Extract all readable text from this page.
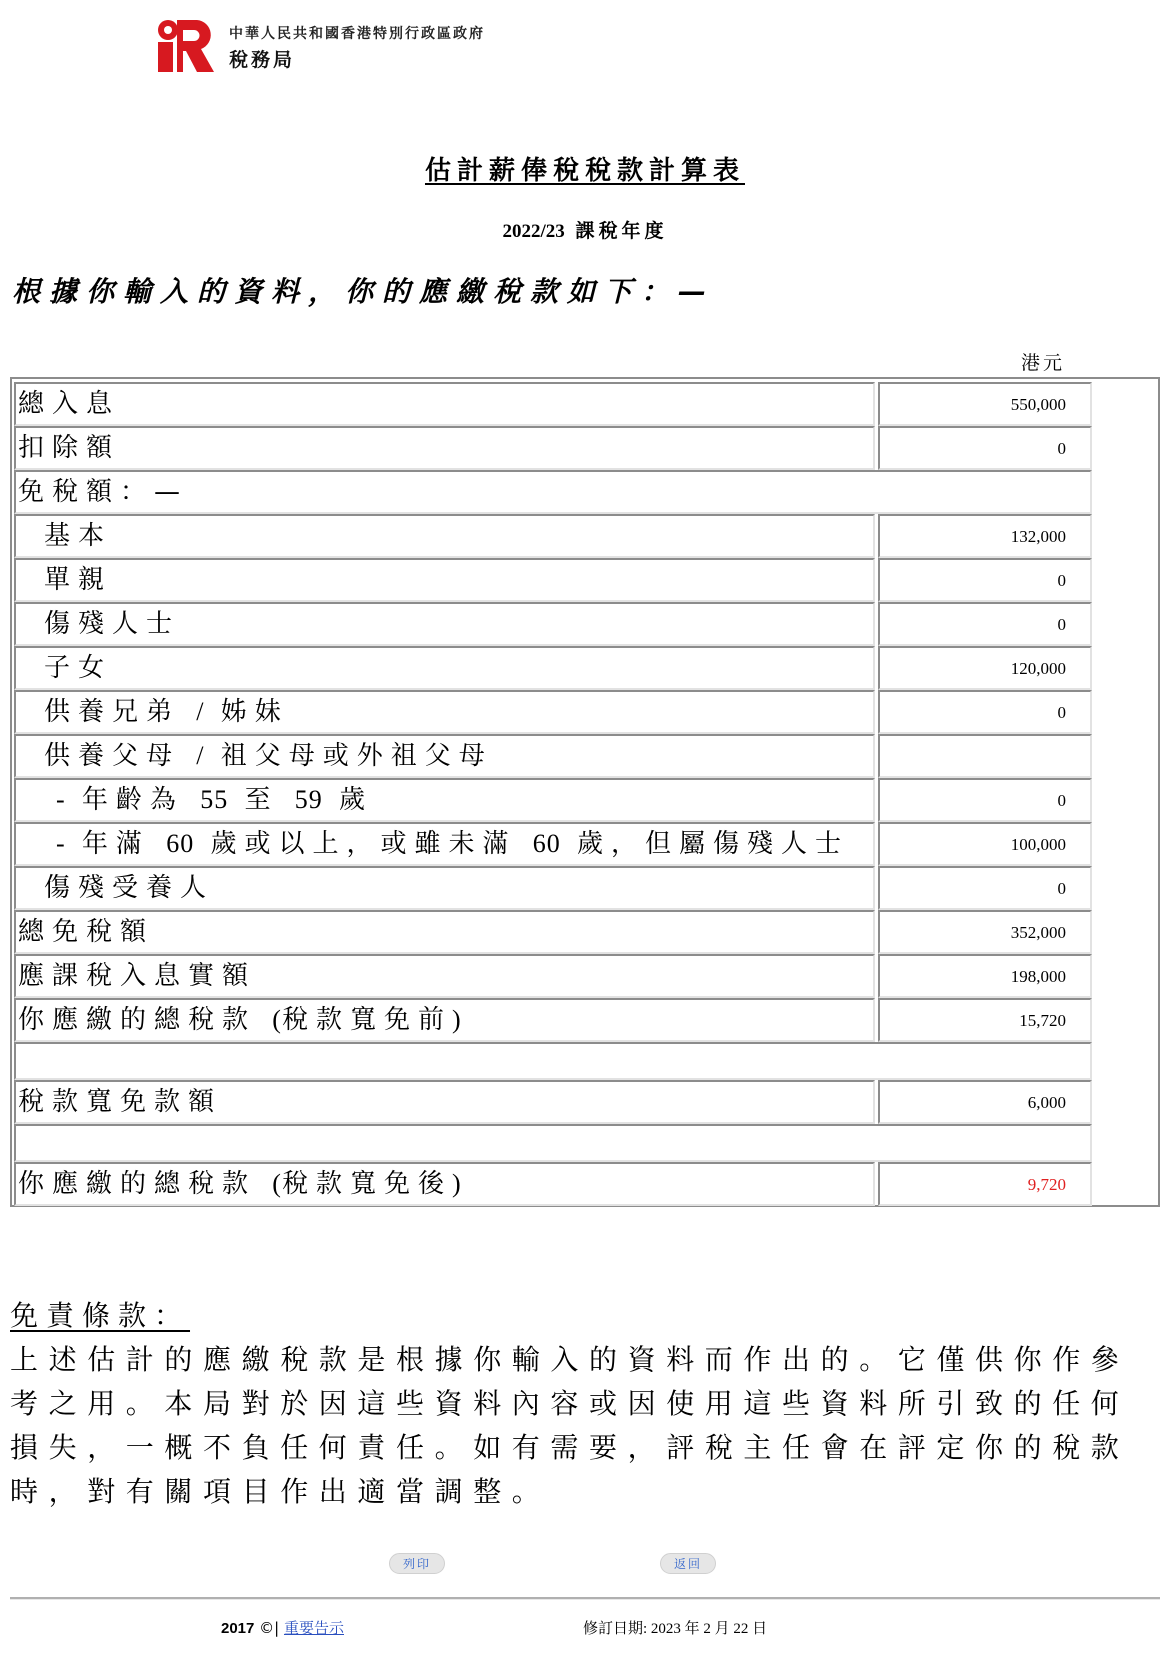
中華人民共和國香港特別行政區政府
稅務局
估計薪俸稅稅款計算表
2022/23 課稅年度
根據你輸入的資料，你的應繳稅款如下：—
港元
總入息	550,000
扣除額	0
免稅額：—
基本	132,000
單親	0
傷殘人士	0
子女	120,000
供養兄弟 / 姊妹	0
供養父母 / 祖父母或外祖父母
- 年齡為 55 至 59 歲	0
- 年滿 60 歲或以上，或雖未滿 60 歲，但屬傷殘人士	100,000
傷殘受養人	0
總免稅額	352,000
應課稅入息實額	198,000
你應繳的總稅款 (稅款寬免前)	15,720
稅款寬免款額	6,000
你應繳的總稅款 (稅款寬免後)	9,720
免責條款：
上述估計的應繳稅款是根據你輸入的資料而作出的。它僅供你作參考之用。本局對於因這些資料內容或因使用這些資料所引致的任何損失，一概不負任何責任。如有需要，評稅主任會在評定你的稅款時，對有關項目作出適當調整。
列印	返回
2017 ©| 重要告示	修訂日期: 2023 年 2 月 22 日
